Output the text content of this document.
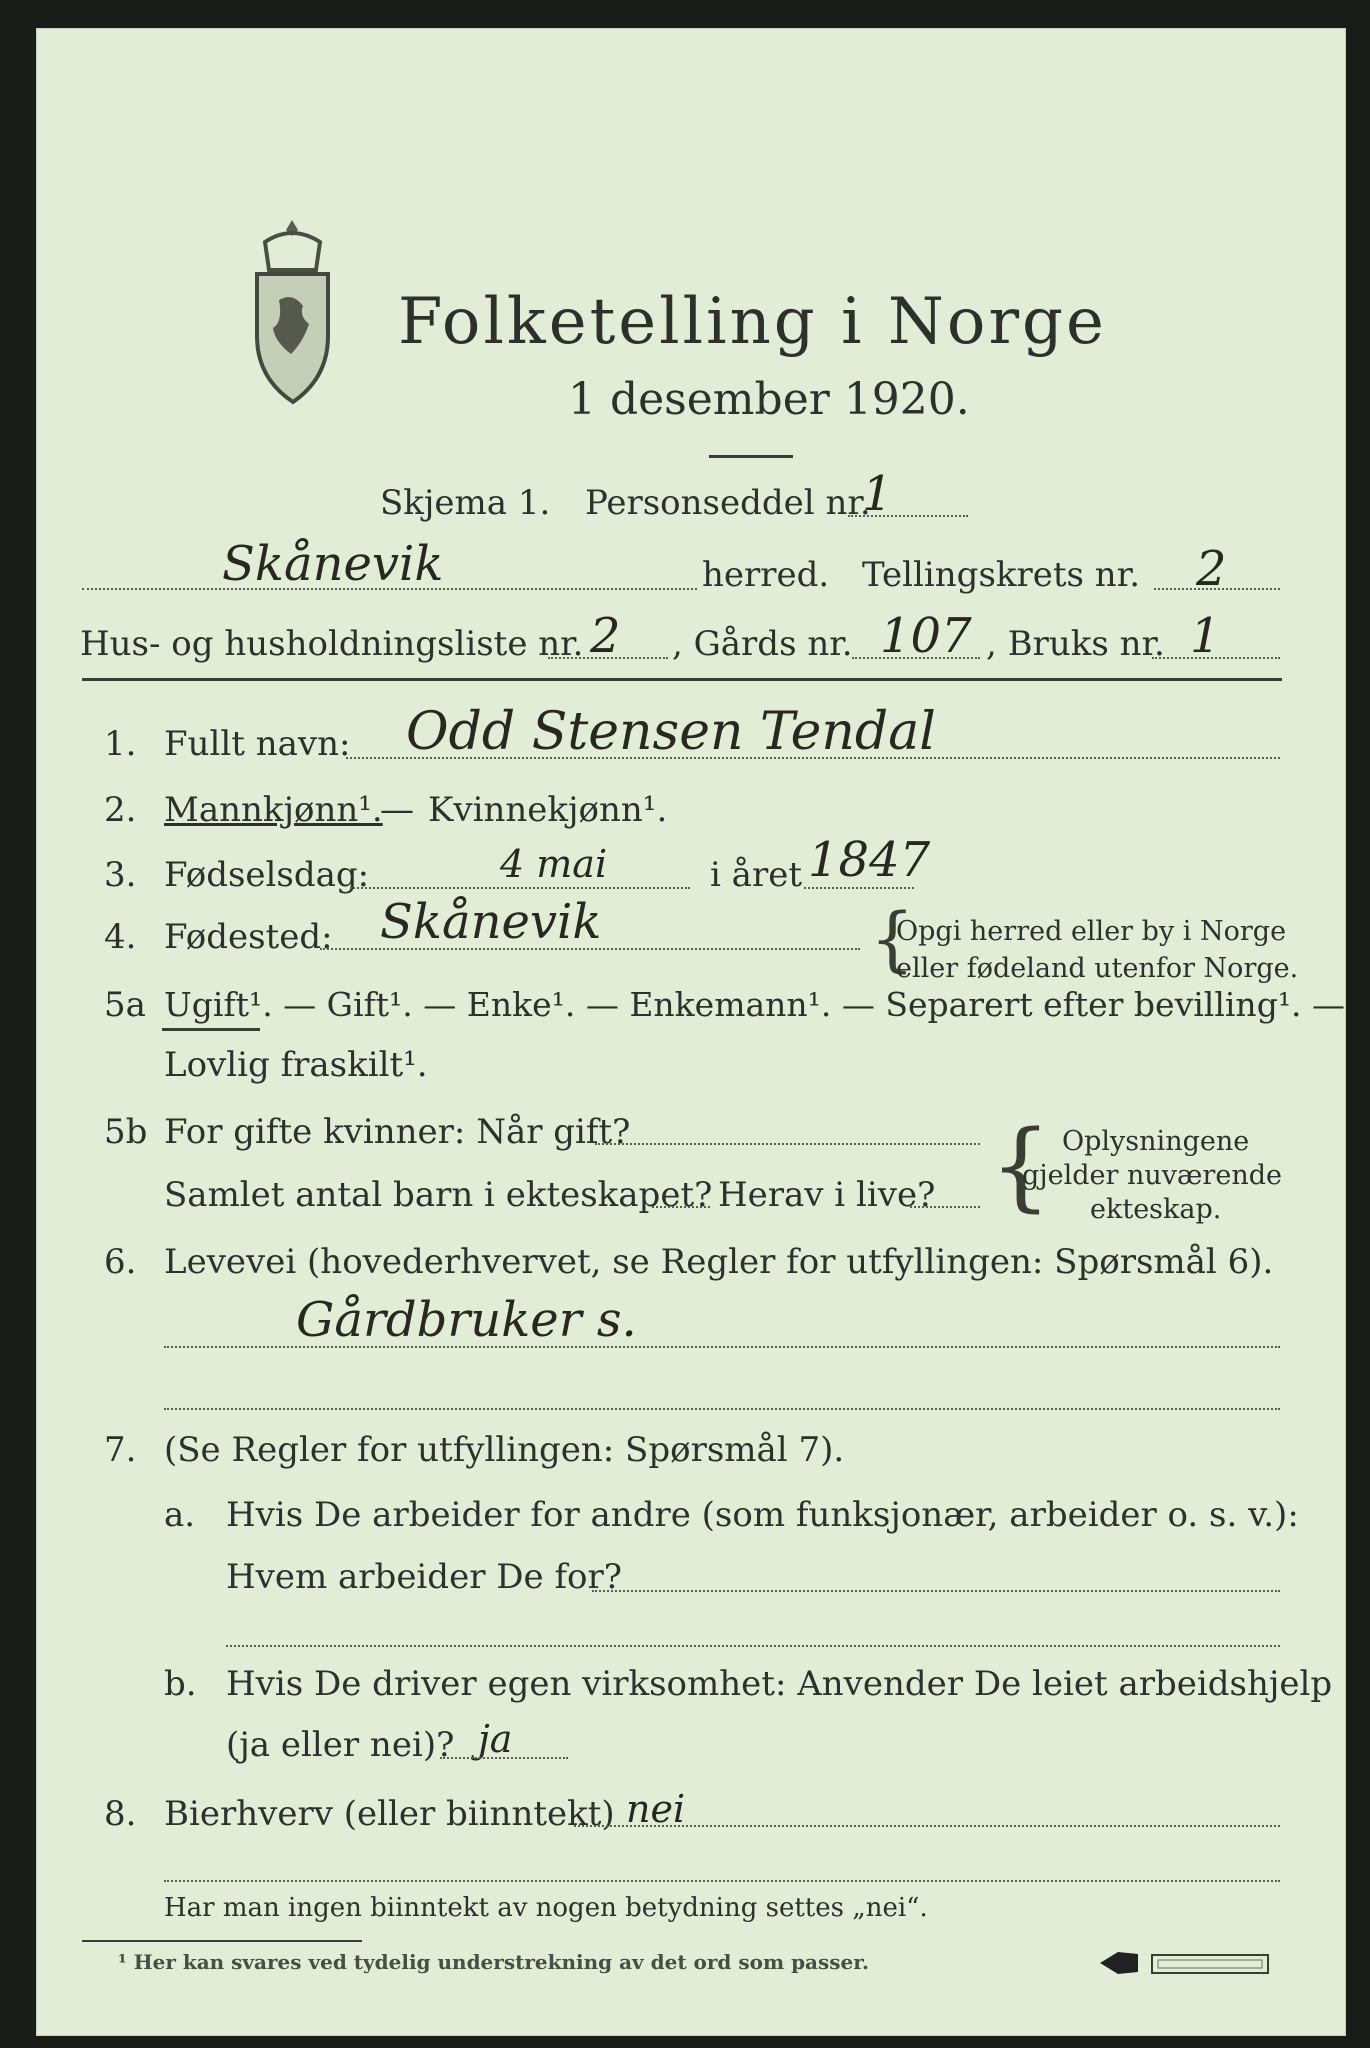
Folketelling i Norge
1 desember 1920.
Skjema 1. Personseddel nr.
1
Skånevik	herred. Tellingskrets nr. 2
Hus- og husholdningsliste nr. 2 , Gårds nr. 107 , Bruks nr. 1
1. Fullt navn: Odd Stensen Tendal
2. Mannkjønn¹.
— Kvinnekjønn¹.
3. Fødselsdag:	4 mai	i året 1847
4. Fødested: Skånevik	{
Opgi herred eller by i Norge
eller fødeland utenfor Norge.
5a Ugift¹. — Gift¹. — Enke¹. — Enkemann¹. — Separert efter bevilling¹. —
Lovlig fraskilt¹.
5b For gifte kvinner: Når gift?
Samlet antal barn i ekteskapet? Herav i live? { Oplysningene
gjelder nuværende
ekteskap.
6. Levevei (hovederhvervet, se Regler for utfyllingen: Spørsmål 6).
Gårdbruker s.
7. (Se Regler for utfyllingen: Spørsmål 7).
a. Hvis De arbeider for andre (som funksjonær, arbeider o. s. v.):
Hvem arbeider De for?
b. Hvis De driver egen virksomhet: Anvender De leiet arbeidshjelp
(ja eller nei)? ja
8. Bierhverv (eller biinntekt) nei
Har man ingen biinntekt av nogen betydning settes „nei“.
¹ Her kan svares ved tydelig understrekning av det ord som passer.
